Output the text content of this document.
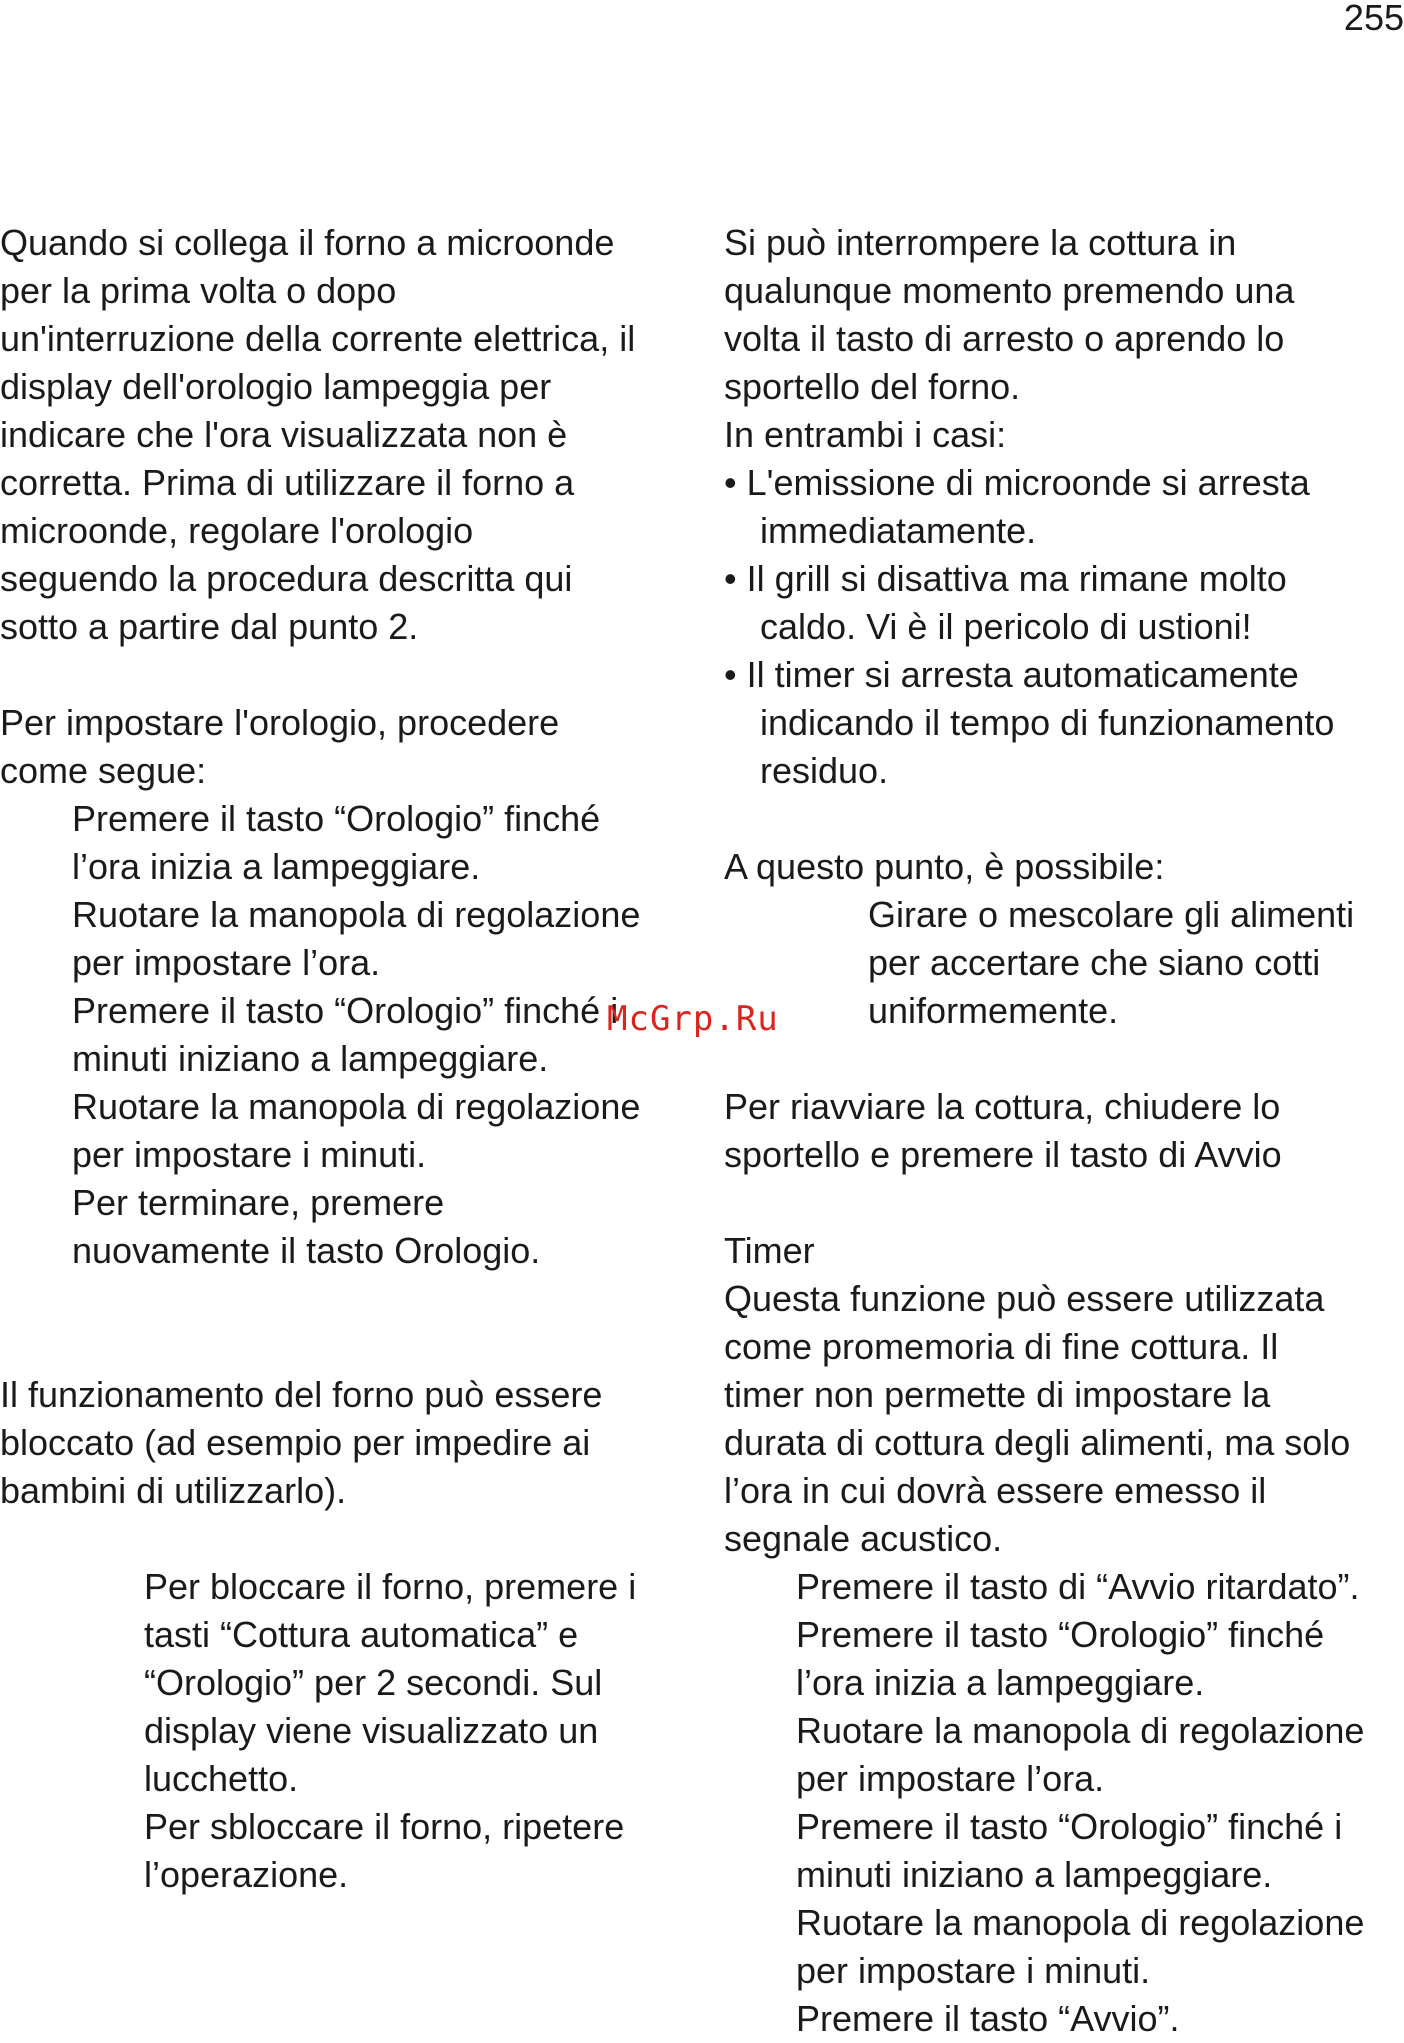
255
Quando si collega il forno a microonde
per la prima volta o dopo
un'interruzione della corrente elettrica, il
display dell'orologio lampeggia per
indicare che l'ora visualizzata non è
corretta. Prima di utilizzare il forno a
microonde, regolare l'orologio
seguendo la procedura descritta qui
sotto a partire dal punto 2.
Per impostare l'orologio, procedere
come segue:
Premere il tasto “Orologio” finché
l’ora inizia a lampeggiare.
Ruotare la manopola di regolazione
per impostare l’ora.
Premere il tasto “Orologio” finché i
minuti iniziano a lampeggiare.
Ruotare la manopola di regolazione
per impostare i minuti.
Per terminare, premere
nuovamente il tasto Orologio.
Il funzionamento del forno può essere
bloccato (ad esempio per impedire ai
bambini di utilizzarlo).
Per bloccare il forno, premere i
tasti “Cottura automatica” e
“Orologio” per 2 secondi. Sul
display viene visualizzato un
lucchetto.
Per sbloccare il forno, ripetere
l’operazione.
Si può interrompere la cottura in
qualunque momento premendo una
volta il tasto di arresto o aprendo lo
sportello del forno.
In entrambi i casi:
• L'emissione di microonde si arresta
immediatamente.
• Il grill si disattiva ma rimane molto
caldo. Vi è il pericolo di ustioni!
• Il timer si arresta automaticamente
indicando il tempo di funzionamento
residuo.
A questo punto, è possibile:
Girare o mescolare gli alimenti
per accertare che siano cotti
uniformemente.
Per riavviare la cottura, chiudere lo
sportello e premere il tasto di Avvio
Timer
Questa funzione può essere utilizzata
come promemoria di fine cottura. Il
timer non permette di impostare la
durata di cottura degli alimenti, ma solo
l’ora in cui dovrà essere emesso il
segnale acustico.
Premere il tasto di “Avvio ritardato”.
Premere il tasto “Orologio” finché
l’ora inizia a lampeggiare.
Ruotare la manopola di regolazione
per impostare l’ora.
Premere il tasto “Orologio” finché i
minuti iniziano a lampeggiare.
Ruotare la manopola di regolazione
per impostare i minuti.
Premere il tasto “Avvio”.
McGrp.Ru
